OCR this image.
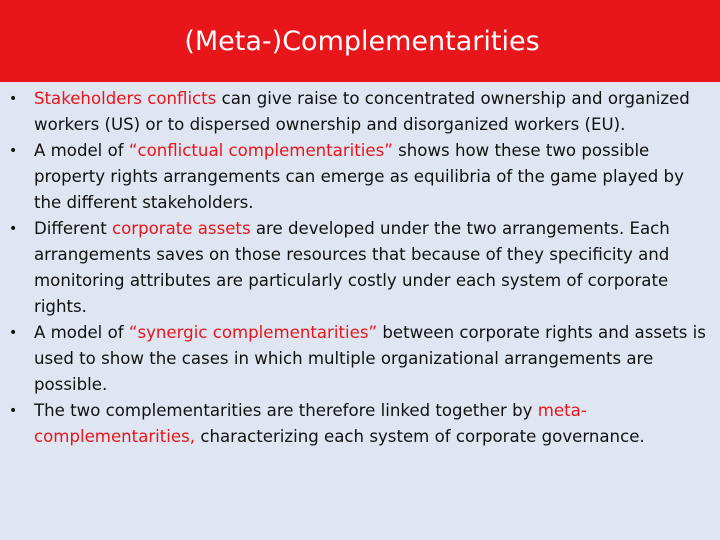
(Meta-)Complementarities
• Stakeholders conflicts can give raise to concentrated ownership and organized workers (US) or to dispersed ownership and disorganized workers (EU).
• A model of “conflictual complementarities” shows how these two possible property rights arrangements can emerge as equilibria of the game played by the different stakeholders.
• Different corporate assets are developed under the two arrangements. Each arrangements saves on those resources that because of they specificity and monitoring attributes are particularly costly under each system of corporate rights.
• A model of “synergic complementarities” between corporate rights and assets is used to show the cases in which multiple organizational arrangements are possible.
• The two complementarities are therefore linked together by meta-complementarities, characterizing each system of corporate governance.
